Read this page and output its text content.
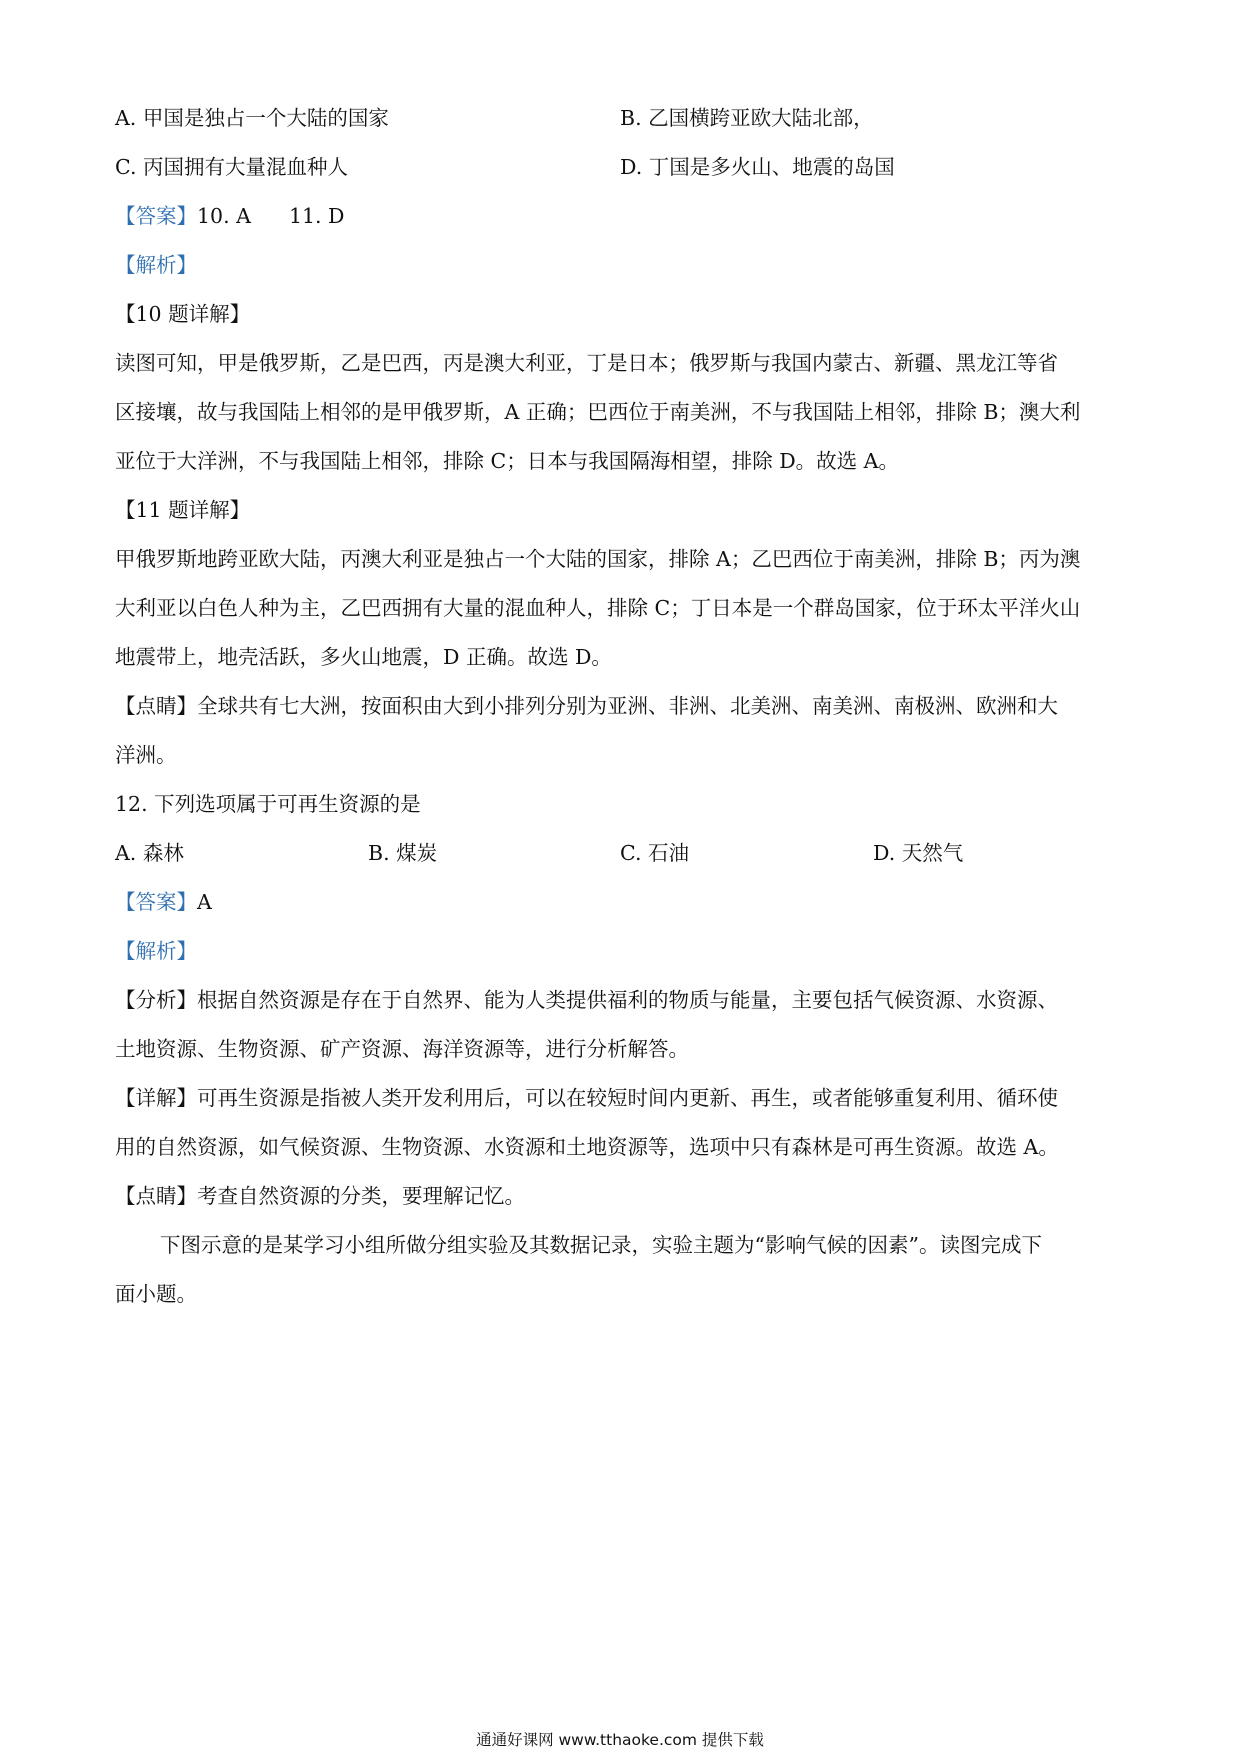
A. 甲国是独占一个大陆的国家	B. 乙国横跨亚欧大陆北部，
C. 丙国拥有大量混血种人	D. 丁国是多火山、地震的岛国
【答案】10. A 11. D
【解析】
【10 题详解】
读图可知，甲是俄罗斯，乙是巴西，丙是澳大利亚，丁是日本；俄罗斯与我国内蒙古、新疆、黑龙江等省
区接壤，故与我国陆上相邻的是甲俄罗斯，A 正确；巴西位于南美洲，不与我国陆上相邻，排除 B；澳大利
亚位于大洋洲，不与我国陆上相邻，排除 C；日本与我国隔海相望，排除 D。故选 A。
【11 题详解】
甲俄罗斯地跨亚欧大陆，丙澳大利亚是独占一个大陆的国家，排除 A；乙巴西位于南美洲，排除 B；丙为澳
大利亚以白色人种为主，乙巴西拥有大量的混血种人，排除 C；丁日本是一个群岛国家，位于环太平洋火山
地震带上，地壳活跃，多火山地震，D 正确。故选 D。
【点睛】全球共有七大洲，按面积由大到小排列分别为亚洲、非洲、北美洲、南美洲、南极洲、欧洲和大
洋洲。
12. 下列选项属于可再生资源的是
A. 森林	B. 煤炭	C. 石油	D. 天然气
【答案】A
【解析】
【分析】根据自然资源是存在于自然界、能为人类提供福利的物质与能量，主要包括气候资源、水资源、
土地资源、生物资源、矿产资源、海洋资源等，进行分析解答。
【详解】可再生资源是指被人类开发利用后，可以在较短时间内更新、再生，或者能够重复利用、循环使
用的自然资源，如气候资源、生物资源、水资源和土地资源等，选项中只有森林是可再生资源。故选 A。
【点睛】考查自然资源的分类，要理解记忆。
下图示意的是某学习小组所做分组实验及其数据记录，实验主题为“影响气候的因素”。读图完成下
面小题。
通通好课网 www.tthaoke.com 提供下载
